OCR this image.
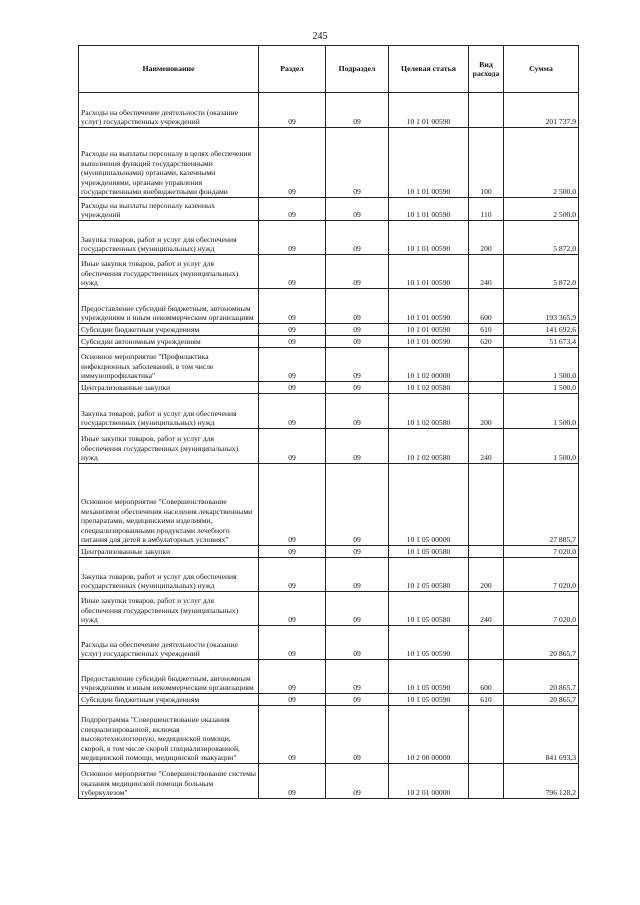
245
Наименование	Раздел	Подраздел	Целевая статья	Вид расхода	Сумма
Расходы на обеспечение деятельности (оказание услуг) государственных учреждений	09	09	10 1 01 00590		201 737,9
Расходы на выплаты персоналу в целях обеспечения выполнения функций государственными (муниципальными) органами, казенными учреждениями, органами управления государственными внебюджетными фондами	09	09	10 1 01 00590	100	2 500,0
Расходы на выплаты персоналу казенных учреждений	09	09	10 1 01 00590	110	2 500,0
Закупка товаров, работ и услуг для обеспечения государственных (муниципальных) нужд	09	09	10 1 01 00590	200	5 872,0
Иные закупки товаров, работ и услуг для обеспечения государственных (муниципальных) нужд	09	09	10 1 01 00590	240	5 872,0
Предоставление субсидий бюджетным, автономным учреждениям и иным некоммерческим организациям	09	09	10 1 01 00590	600	193 365,9
Субсидии бюджетным учреждениям	09	09	10 1 01 00590	610	141 692,6
Субсидии автономным учреждениям	09	09	10 1 01 00590	620	51 673,4
Основное мероприятие "Профилактика инфекционных заболеваний, в том числе иммунопрофилактика"	09	09	10 1 02 00000		1 500,0
Централизованные закупки	09	09	10 1 02 00580		1 500,0
Закупка товаров, работ и услуг для обеспечения государственных (муниципальных) нужд	09	09	10 1 02 00580	200	1 500,0
Иные закупки товаров, работ и услуг для обеспечения государственных (муниципальных) нужд	09	09	10 1 02 00580	240	1 500,0
Основное мероприятие "Совершенствование механизмов обеспечения населения лекарственными препаратами, медицинскими изделиями, специализированными продуктами лечебного питания для детей в амбулаторных условиях"	09	09	10 1 05 00000		27 885,7
Централизованные закупки	09	09	10 1 05 00580		7 020,0
Закупка товаров, работ и услуг для обеспечения государственных (муниципальных) нужд	09	09	10 1 05 00580	200	7 020,0
Иные закупки товаров, работ и услуг для обеспечения государственных (муниципальных) нужд	09	09	10 1 05 00580	240	7 020,0
Расходы на обеспечение деятельности (оказание услуг) государственных учреждений	09	09	10 1 05 00590		20 865,7
Предоставление субсидий бюджетным, автономным учреждениям и иным некоммерческим организациям	09	09	10 1 05 00590	600	20 865,7
Субсидии бюджетным учреждениям	09	09	10 1 05 00590	610	20 865,7
Подпрограмма "Совершенствование оказания специализированной, включая высокотехнологичную, медицинской помощи, скорой, в том числе скорой специализированной, медицинской помощи, медицинской эвакуации"	09	09	10 2 00 00000		841 693,3
Основное мероприятие "Совершенствование системы оказания медицинской помощи больным туберкулезом"	09	09	10 2 01 00000		796 128,2
